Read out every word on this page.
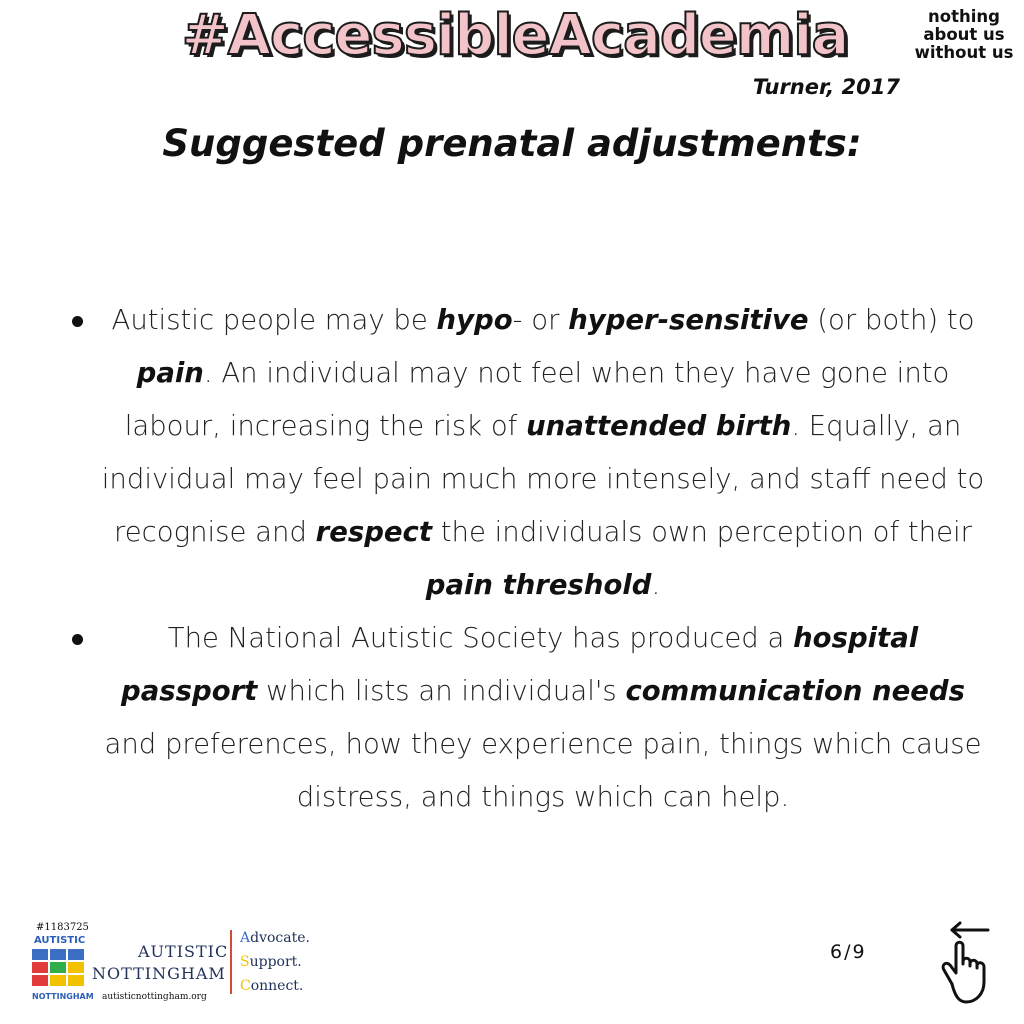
#AccessibleAcademia	nothing
about us
without us
Turner, 2017
Suggested prenatal adjustments:
Autistic people may be hypo- or hyper-sensitive (or both) to pain. An individual may not feel when they have gone into labour, increasing the risk of unattended birth. Equally, an individual may feel pain much more intensely, and staff need to recognise and respect the individuals own perception of their pain threshold.
The National Autistic Society has produced a hospital passport which lists an individual's communication needs and preferences, how they experience pain, things which cause distress, and things which can help.
#1183725
AUTISTIC
NOTTINGHAM
AUTISTIC
NOTTINGHAM
autisticnottingham.org
Advocate.
Support.
Connect.
6/9
